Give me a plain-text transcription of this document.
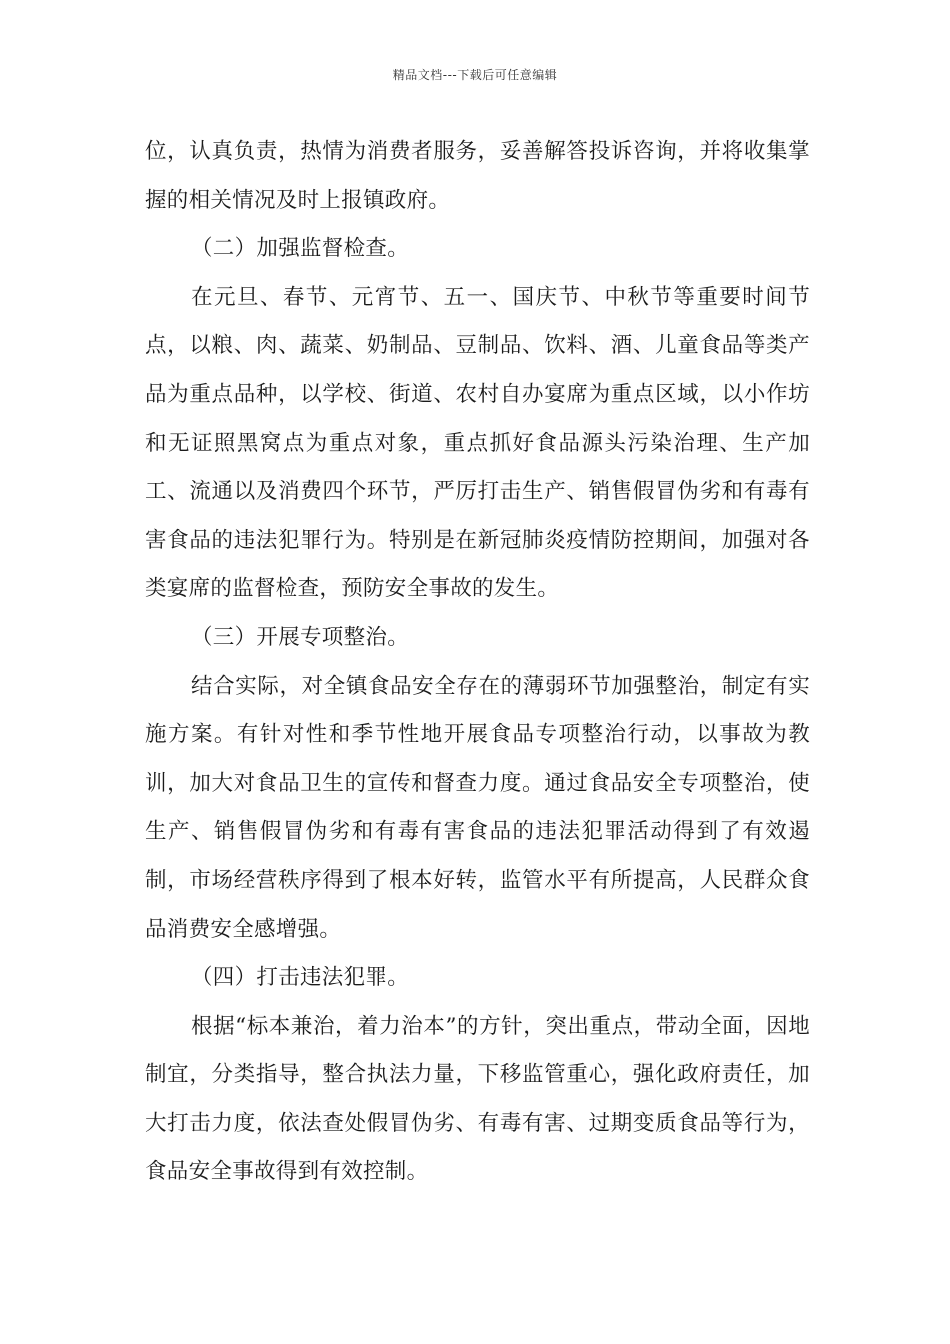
精品文档---下载后可任意编辑

位，认真负责，热情为消费者服务，妥善解答投诉咨询，并将收集掌握的相关情况及时上报镇政府。

（二）加强监督检查。

在元旦、春节、元宵节、五一、国庆节、中秋节等重要时间节点，以粮、肉、蔬菜、奶制品、豆制品、饮料、酒、儿童食品等类产品为重点品种，以学校、街道、农村自办宴席为重点区域，以小作坊和无证照黑窝点为重点对象，重点抓好食品源头污染治理、生产加工、流通以及消费四个环节，严厉打击生产、销售假冒伪劣和有毒有害食品的违法犯罪行为。特别是在新冠肺炎疫情防控期间，加强对各类宴席的监督检查，预防安全事故的发生。

（三）开展专项整治。

结合实际，对全镇食品安全存在的薄弱环节加强整治，制定有实施方案。有针对性和季节性地开展食品专项整治行动，以事故为教训，加大对食品卫生的宣传和督查力度。通过食品安全专项整治，使生产、销售假冒伪劣和有毒有害食品的违法犯罪活动得到了有效遏制，市场经营秩序得到了根本好转，监管水平有所提高，人民群众食品消费安全感增强。

（四）打击违法犯罪。

根据“标本兼治，着力治本”的方针，突出重点，带动全面，因地制宜，分类指导，整合执法力量，下移监管重心，强化政府责任，加大打击力度，依法查处假冒伪劣、有毒有害、过期变质食品等行为，食品安全事故得到有效控制。
